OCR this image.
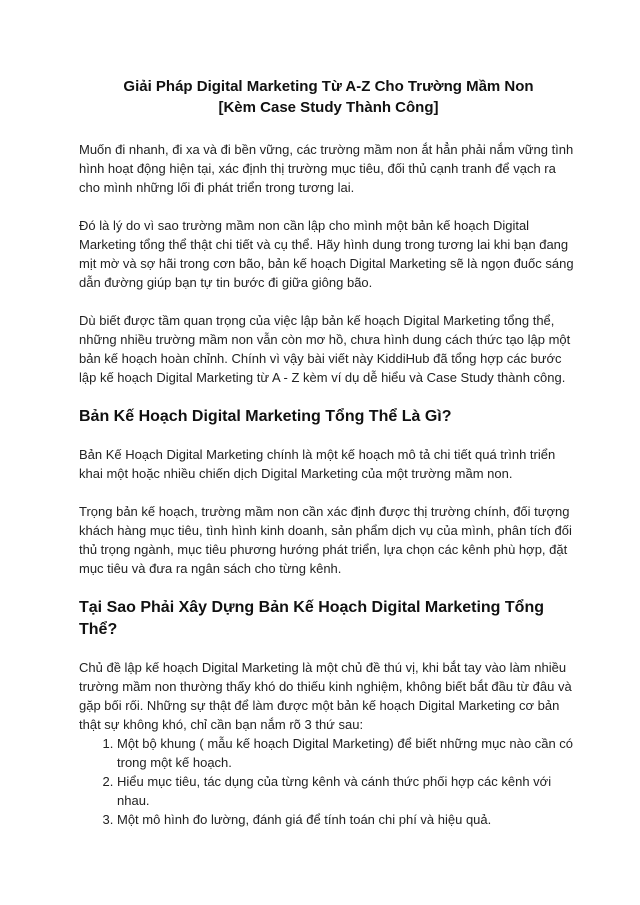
Giải Pháp Digital Marketing Từ A-Z Cho Trường Mầm Non
[Kèm Case Study Thành Công]

Muốn đi nhanh, đi xa và đi bền vững, các trường mầm non ắt hẳn phải nắm vững tình hình hoạt động hiện tại, xác định thị trường mục tiêu, đối thủ cạnh tranh để vạch ra cho mình những lối đi phát triển trong tương lai.

Đó là lý do vì sao trường mầm non cần lập cho mình một bản kế hoạch Digital Marketing tổng thể thật chi tiết và cụ thể. Hãy hình dung trong tương lai khi bạn đang mịt mờ và sợ hãi trong cơn bão, bản kế hoạch Digital Marketing sẽ là ngọn đuốc sáng dẫn đường giúp bạn tự tin bước đi giữa giông bão.

Dù biết được tầm quan trọng của việc lập bản kế hoạch Digital Marketing tổng thể, những nhiều trường mầm non vẫn còn mơ hồ, chưa hình dung cách thức tạo lập một bản kế hoạch hoàn chỉnh. Chính vì vậy bài viết này KiddiHub đã tổng hợp các bước lập kế hoạch Digital Marketing từ A - Z kèm ví dụ dễ hiểu và Case Study thành công.

Bản Kế Hoạch Digital Marketing Tổng Thể Là Gì?

Bản Kế Hoạch Digital Marketing chính là một kế hoạch mô tả chi tiết quá trình triển khai một hoặc nhiều chiến dịch Digital Marketing của một trường mầm non.

Trọng bản kế hoạch, trường mầm non cần xác định được thị trường chính, đối tượng khách hàng mục tiêu, tình hình kinh doanh, sản phẩm dịch vụ của mình, phân tích đối thủ trọng ngành, mục tiêu phương hướng phát triển, lựa chọn các kênh phù hợp, đặt mục tiêu và đưa ra ngân sách cho từng kênh.

Tại Sao Phải Xây Dựng Bản Kế Hoạch Digital Marketing Tổng Thể?

Chủ đề lập kế hoạch Digital Marketing là một chủ đề thú vị, khi bắt tay vào làm nhiều trường mầm non thường thấy khó do thiếu kinh nghiệm, không biết bắt đầu từ đâu và gặp bối rối. Những sự thật để làm được một bản kế hoạch Digital Marketing cơ bản thật sự không khó, chỉ cần bạn nắm rõ 3 thứ sau:

1. Một bộ khung ( mẫu kế hoạch Digital Marketing) để biết những mục nào cần có trong một kế hoạch.
2. Hiểu mục tiêu, tác dụng của từng kênh và cánh thức phối hợp các kênh với nhau.
3. Một mô hình đo lường, đánh giá để tính toán chi phí và hiệu quả.
